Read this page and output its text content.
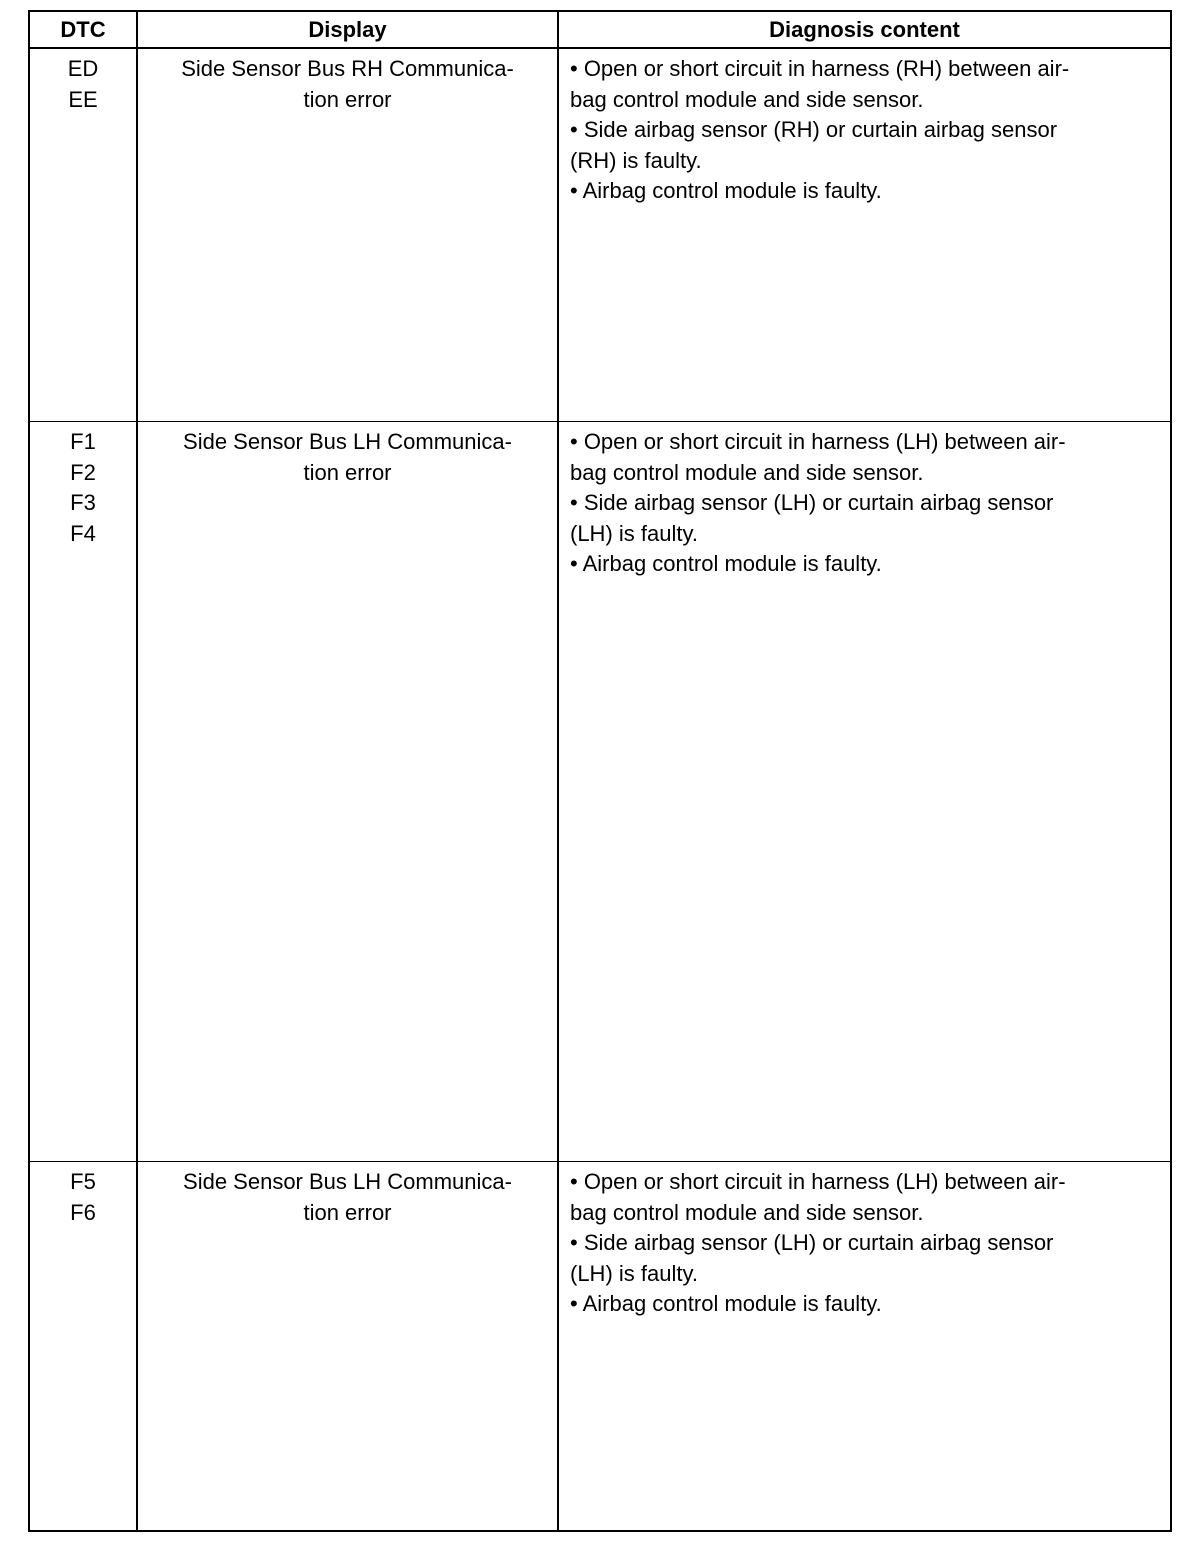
DTC	Display	Diagnosis content
ED
EE
Side Sensor Bus RH Communica-
tion error
• Open or short circuit in harness (RH) between air-
bag control module and side sensor.
• Side airbag sensor (RH) or curtain airbag sensor
(RH) is faulty.
• Airbag control module is faulty.
F1
F2
F3
F4
Side Sensor Bus LH Communica-
tion error
• Open or short circuit in harness (LH) between air-
bag control module and side sensor.
• Side airbag sensor (LH) or curtain airbag sensor
(LH) is faulty.
• Airbag control module is faulty.
F5
F6
Side Sensor Bus LH Communica-
tion error
• Open or short circuit in harness (LH) between air-
bag control module and side sensor.
• Side airbag sensor (LH) or curtain airbag sensor
(LH) is faulty.
• Airbag control module is faulty.
